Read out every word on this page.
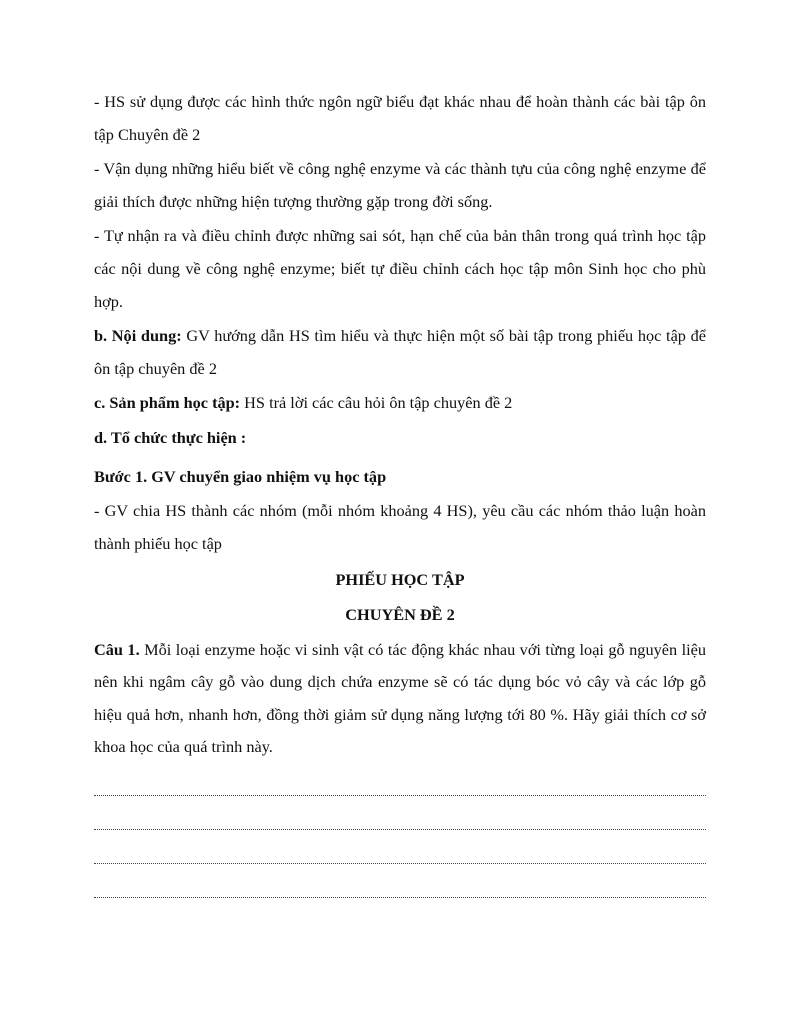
- HS sử dụng được các hình thức ngôn ngữ biểu đạt khác nhau để hoàn thành các bài tập ôn tập Chuyên đề 2

- Vận dụng những hiểu biết về công nghệ enzyme và các thành tựu của công nghệ enzyme để giải thích được những hiện tượng thường gặp trong đời sống.

- Tự nhận ra và điều chỉnh được những sai sót, hạn chế của bản thân trong quá trình học tập các nội dung về công nghệ enzyme; biết tự điều chỉnh cách học tập môn Sinh học cho phù hợp.

b. Nội dung: GV hướng dẫn HS tìm hiểu và thực hiện một số bài tập trong phiếu học tập để ôn tập chuyên đề 2

c. Sản phẩm học tập: HS trả lời các câu hỏi ôn tập chuyên đề 2

d. Tổ chức thực hiện :

Bước 1. GV chuyển giao nhiệm vụ học tập

- GV chia HS thành các nhóm (mỗi nhóm khoảng 4 HS), yêu cầu các nhóm thảo luận hoàn thành phiếu học tập

PHIẾU HỌC TẬP

CHUYÊN ĐỀ 2

Câu 1. Mỗi loại enzyme hoặc vi sinh vật có tác động khác nhau với từng loại gỗ nguyên liệu nên khi ngâm cây gỗ vào dung dịch chứa enzyme sẽ có tác dụng bóc vỏ cây và các lớp gỗ hiệu quả hơn, nhanh hơn, đồng thời giảm sử dụng năng lượng tới 80 %. Hãy giải thích cơ sở khoa học của quá trình này.
